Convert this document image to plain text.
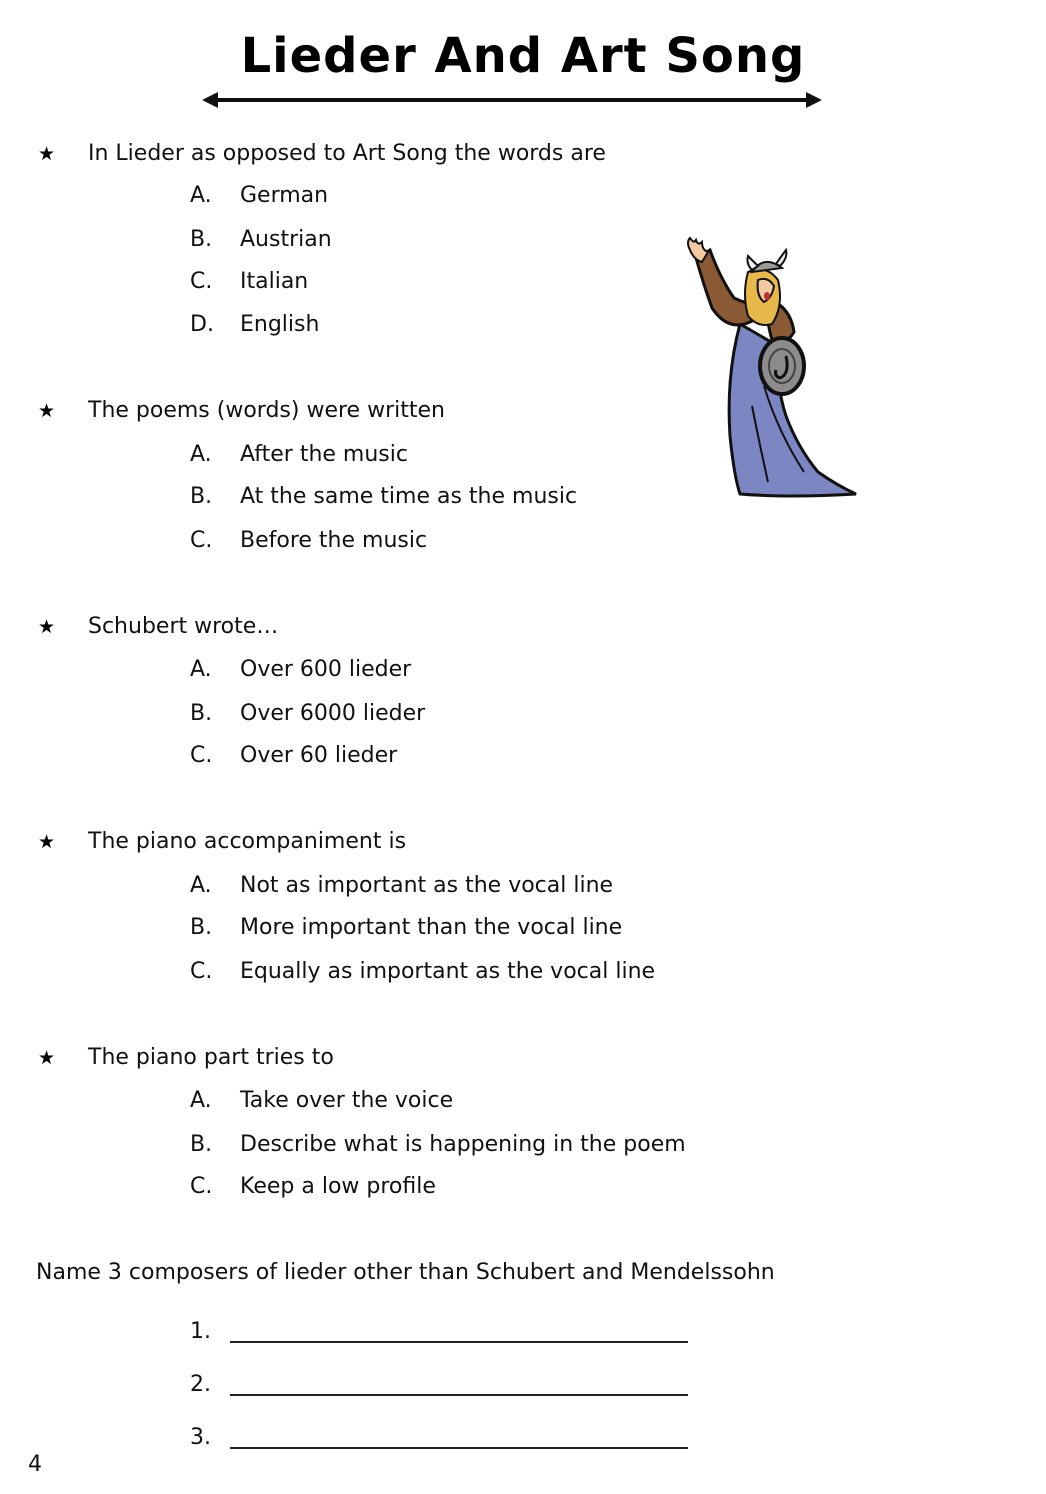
Lieder And Art Song
★ In Lieder as opposed to Art Song the words are
A. German
B. Austrian
C. Italian
D. English
★ The poems (words) were written
A. After the music
B. At the same time as the music
C. Before the music
★ Schubert wrote…
A. Over 600 lieder
B. Over 6000 lieder
C. Over 60 lieder
★ The piano accompaniment is
A. Not as important as the vocal line
B. More important than the vocal line
C. Equally as important as the vocal line
★ The piano part tries to
A. Take over the voice
B. Describe what is happening in the poem
C. Keep a low profile
Name 3 composers of lieder other than Schubert and Mendelssohn
1.
2.
3.
4
